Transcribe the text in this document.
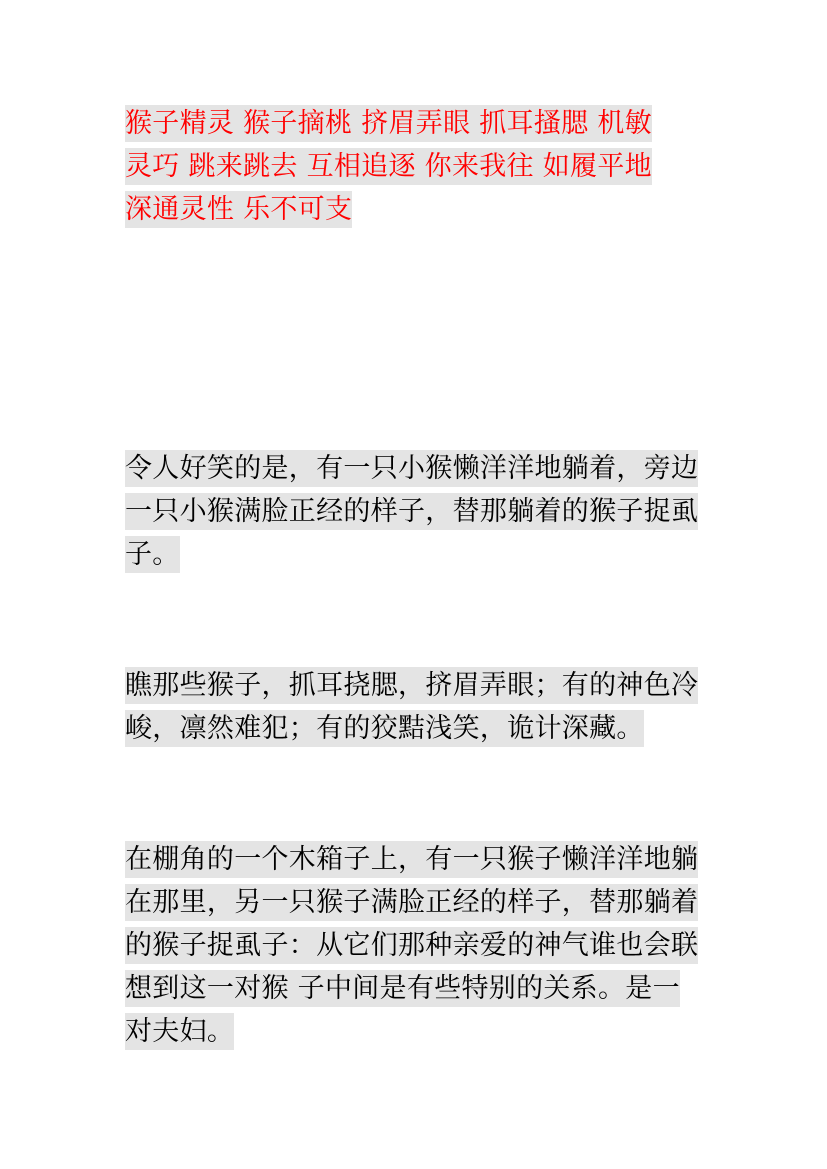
猴子精灵 猴子摘桃 挤眉弄眼 抓耳搔腮 机敏
灵巧 跳来跳去 互相追逐 你来我往 如履平地
深通灵性 乐不可支

令人好笑的是，有一只小猴懒洋洋地躺着，旁边
一只小猴满脸正经的样子，替那躺着的猴子捉虱
子。

瞧那些猴子，抓耳挠腮，挤眉弄眼；有的神色冷
峻，凛然难犯；有的狡黠浅笑，诡计深藏。

在棚角的一个木箱子上，有一只猴子懒洋洋地躺
在那里，另一只猴子满脸正经的样子，替那躺着
的猴子捉虱子：从它们那种亲爱的神气谁也会联
想到这一对猴 子中间是有些特别的关系。是一
对夫妇。
